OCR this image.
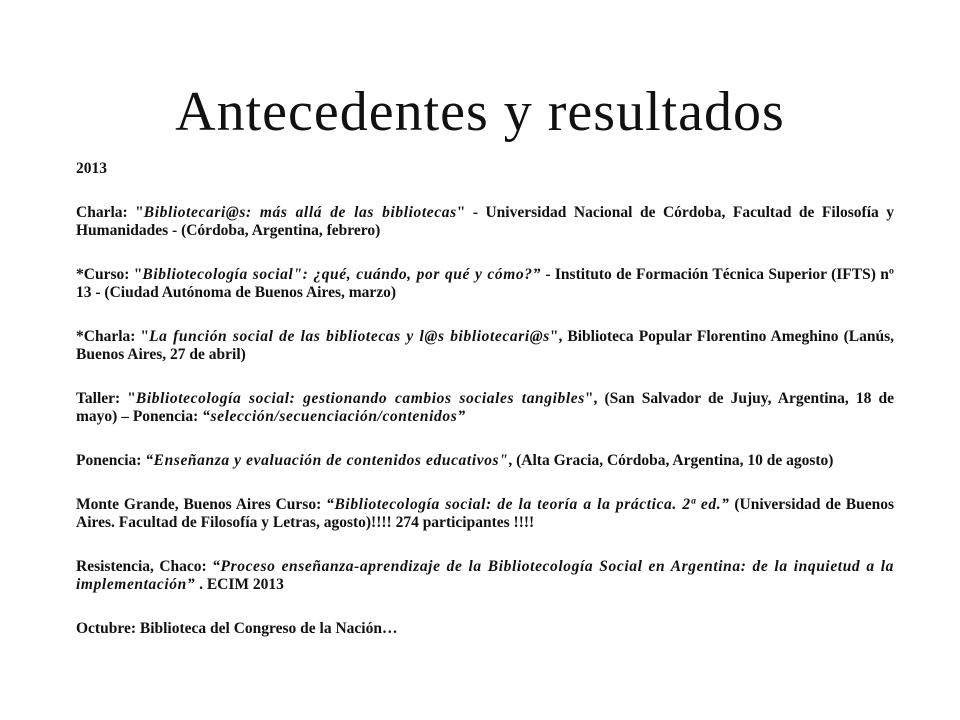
Antecedentes y resultados

2013

Charla: "Bibliotecari@s: más allá de las bibliotecas" - Universidad Nacional de Córdoba, Facultad de Filosofía y Humanidades - (Córdoba, Argentina, febrero)

*Curso: "Bibliotecología social": ¿qué, cuándo, por qué y cómo?” - Instituto de Formación Técnica Superior (IFTS) nº 13 - (Ciudad Autónoma de Buenos Aires, marzo)

*Charla: "La función social de las bibliotecas y l@s bibliotecari@s", Biblioteca Popular Florentino Ameghino (Lanús, Buenos Aires, 27 de abril)

Taller: "Bibliotecología social: gestionando cambios sociales tangibles", (San Salvador de Jujuy, Argentina, 18 de mayo) – Ponencia: “selección/secuenciación/contenidos”

Ponencia: “Enseñanza y evaluación de contenidos educativos", (Alta Gracia, Córdoba, Argentina, 10 de agosto)

Monte Grande, Buenos Aires Curso: “Bibliotecología social: de la teoría a la práctica. 2ª ed.” (Universidad de Buenos Aires. Facultad de Filosofía y Letras, agosto)!!!! 274 participantes !!!!

Resistencia, Chaco: “Proceso enseñanza-aprendizaje de la Bibliotecología Social en Argentina: de la inquietud a la implementación” . ECIM 2013

Octubre: Biblioteca del Congreso de la Nación…
